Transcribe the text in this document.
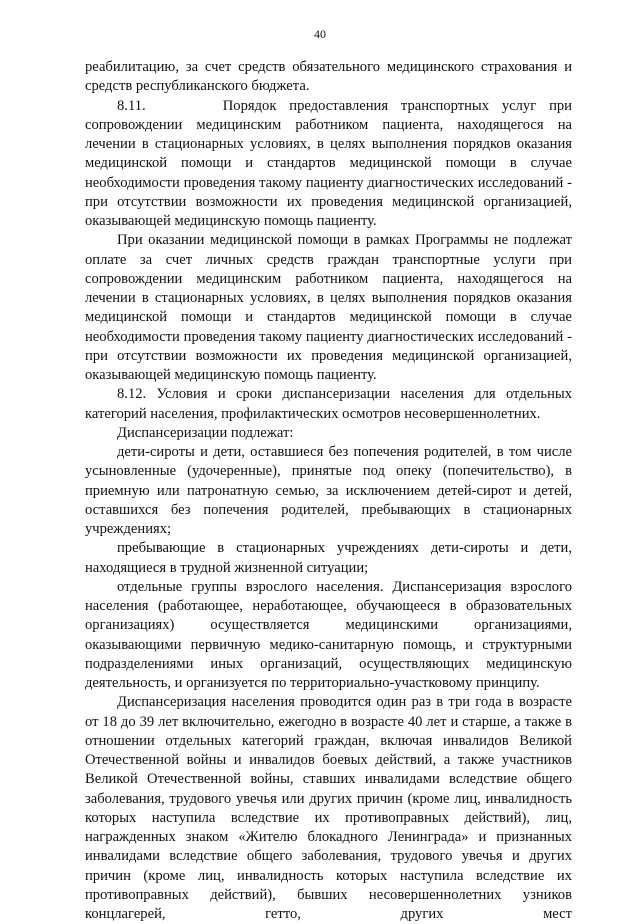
40

реабилитацию, за счет средств обязательного медицинского страхования и средств республиканского бюджета.

8.11.      Порядок предоставления транспортных услуг при сопровождении медицинским работником пациента, находящегося на лечении в стационарных условиях, в целях выполнения порядков оказания медицинской помощи и стандартов медицинской помощи в случае необходимости проведения такому пациенту диагностических исследований - при отсутствии возможности их проведения медицинской организацией, оказывающей медицинскую помощь пациенту.

При оказании медицинской помощи в рамках Программы не подлежат оплате за счет личных средств граждан транспортные услуги при сопровождении медицинским работником пациента, находящегося на лечении в стационарных условиях, в целях выполнения порядков оказания медицинской помощи и стандартов медицинской помощи в случае необходимости проведения такому пациенту диагностических исследований - при отсутствии возможности их проведения медицинской организацией, оказывающей медицинскую помощь пациенту.

8.12. Условия и сроки диспансеризации населения для отдельных категорий населения, профилактических осмотров несовершеннолетних.

Диспансеризации подлежат:

дети-сироты и дети, оставшиеся без попечения родителей, в том числе усыновленные (удочеренные), принятые под опеку (попечительство), в приемную или патронатную семью, за исключением детей-сирот и детей, оставшихся без попечения родителей, пребывающих в стационарных учреждениях;

пребывающие в стационарных учреждениях дети-сироты и дети, находящиеся в трудной жизненной ситуации;

отдельные группы взрослого населения. Диспансеризация взрослого населения (работающее, неработающее, обучающееся в образовательных организациях) осуществляется медицинскими организациями, оказывающими первичную медико-санитарную помощь, и структурными подразделениями иных организаций, осуществляющих медицинскую деятельность, и организуется по территориально-участковому принципу.

Диспансеризация населения проводится один раз в три года в возрасте от 18 до 39 лет включительно, ежегодно в возрасте 40 лет и старше, а также в отношении отдельных категорий граждан, включая инвалидов Великой Отечественной войны и инвалидов боевых действий, а также участников Великой Отечественной войны, ставших инвалидами вследствие общего заболевания, трудового увечья или других причин (кроме лиц, инвалидность которых наступила вследствие их противоправных действий), лиц, награжденных знаком «Жителю блокадного Ленинграда» и признанных инвалидами вследствие общего заболевания, трудового увечья и других причин (кроме лиц, инвалидность которых наступила вследствие их противоправных действий), бывших несовершеннолетних узников концлагерей, гетто, других мест
